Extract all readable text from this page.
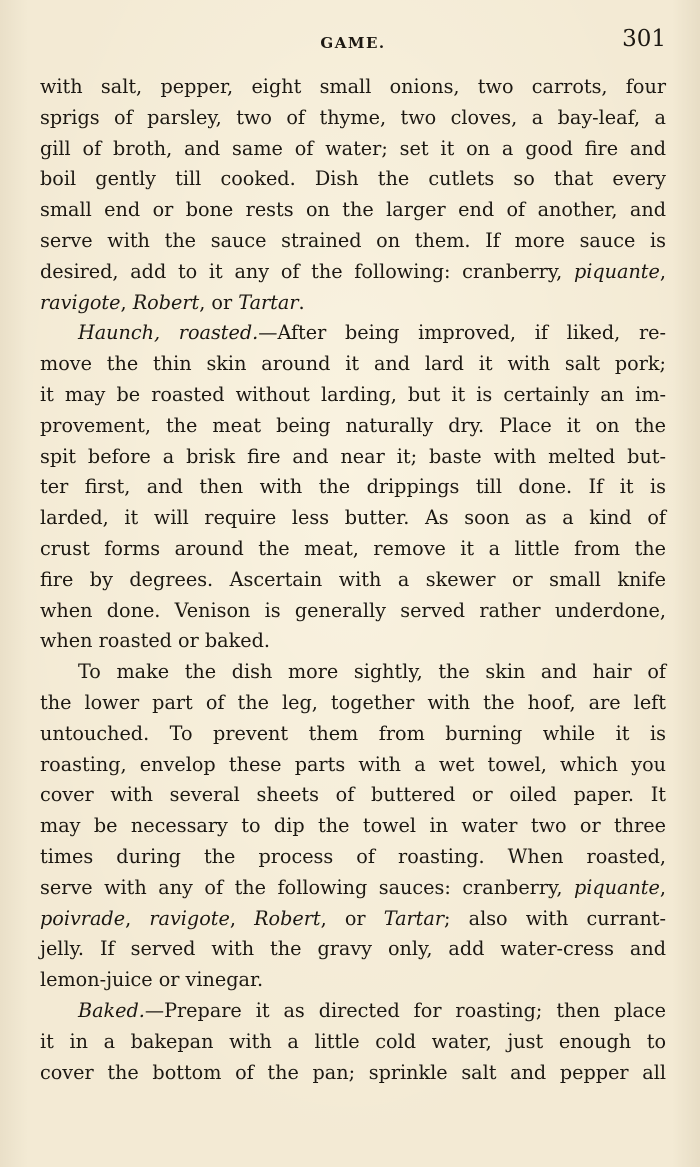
GAME.	301
with salt, pepper, eight small onions, two carrots, four
sprigs of parsley, two of thyme, two cloves, a bay-leaf, a
gill of broth, and same of water; set it on a good fire and
boil gently till cooked. Dish the cutlets so that every
small end or bone rests on the larger end of another, and
serve with the sauce strained on them. If more sauce is
desired, add to it any of the following: cranberry, piquante,
ravigote, Robert, or Tartar.
Haunch, roasted.—After being improved, if liked, re-
move the thin skin around it and lard it with salt pork;
it may be roasted without larding, but it is certainly an im-
provement, the meat being naturally dry. Place it on the
spit before a brisk fire and near it; baste with melted but-
ter first, and then with the drippings till done. If it is
larded, it will require less butter. As soon as a kind of
crust forms around the meat, remove it a little from the
fire by degrees. Ascertain with a skewer or small knife
when done. Venison is generally served rather underdone,
when roasted or baked.
To make the dish more sightly, the skin and hair of
the lower part of the leg, together with the hoof, are left
untouched. To prevent them from burning while it is
roasting, envelop these parts with a wet towel, which you
cover with several sheets of buttered or oiled paper. It
may be necessary to dip the towel in water two or three
times during the process of roasting. When roasted,
serve with any of the following sauces: cranberry, piquante,
poivrade, ravigote, Robert, or Tartar; also with currant-
jelly. If served with the gravy only, add water-cress and
lemon-juice or vinegar.
Baked.—Prepare it as directed for roasting; then place
it in a bakepan with a little cold water, just enough to
cover the bottom of the pan; sprinkle salt and pepper all
